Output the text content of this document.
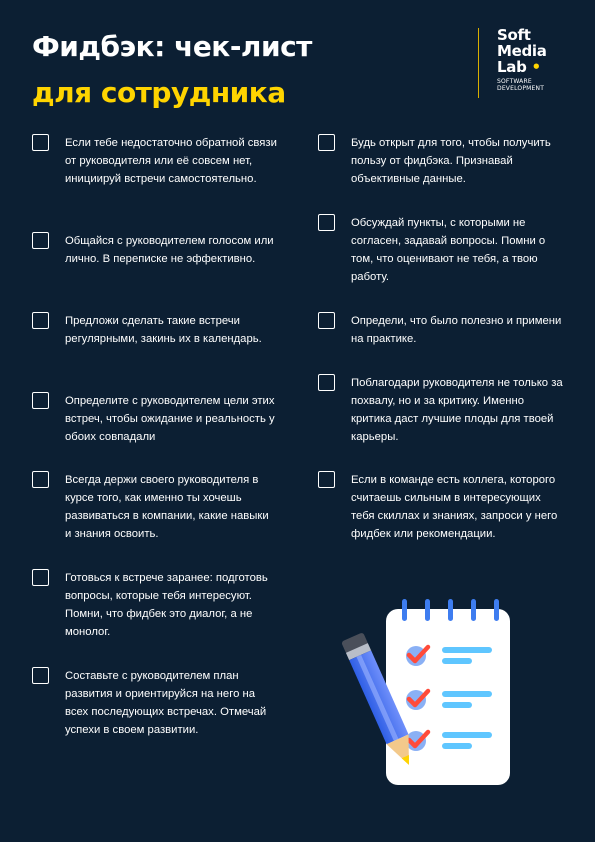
Фидбэк: чек-лист
для сотрудника
Soft
Media
Lab •
SOFTWARE
DEVELOPMENT

Если тебе недостаточно обратной связи от руководителя или её совсем нет, инициируй встречи самостоятельно.

Общайся с руководителем голосом или лично. В переписке не эффективно.

Предложи сделать такие встречи регулярными, закинь их в календарь.

Определите с руководителем цели этих встреч, чтобы ожидание и реальность у обоих совпадали

Всегда держи своего руководителя в курсе того, как именно ты хочешь развиваться в компании, какие навыки и знания освоить.

Готовься к встрече заранее: подготовь вопросы, которые тебя интересуют. Помни, что фидбек это диалог, а не монолог.

Составьте с руководителем план развития и ориентируйся на него на всех последующих встречах. Отмечай успехи в своем развитии.

Будь открыт для того, чтобы получить пользу от фидбэка. Признавай объективные данные.

Обсуждай пункты, с которыми не согласен, задавай вопросы. Помни о том, что оценивают не тебя, а твою работу.

Определи, что было полезно и примени на практике.

Поблагодари руководителя не только за похвалу, но и за критику. Именно критика даст лучшие плоды для твоей карьеры.

Если в команде есть коллега, которого считаешь сильным в интересующих тебя скиллах и знаниях, запроси у него фидбек или рекомендации.
